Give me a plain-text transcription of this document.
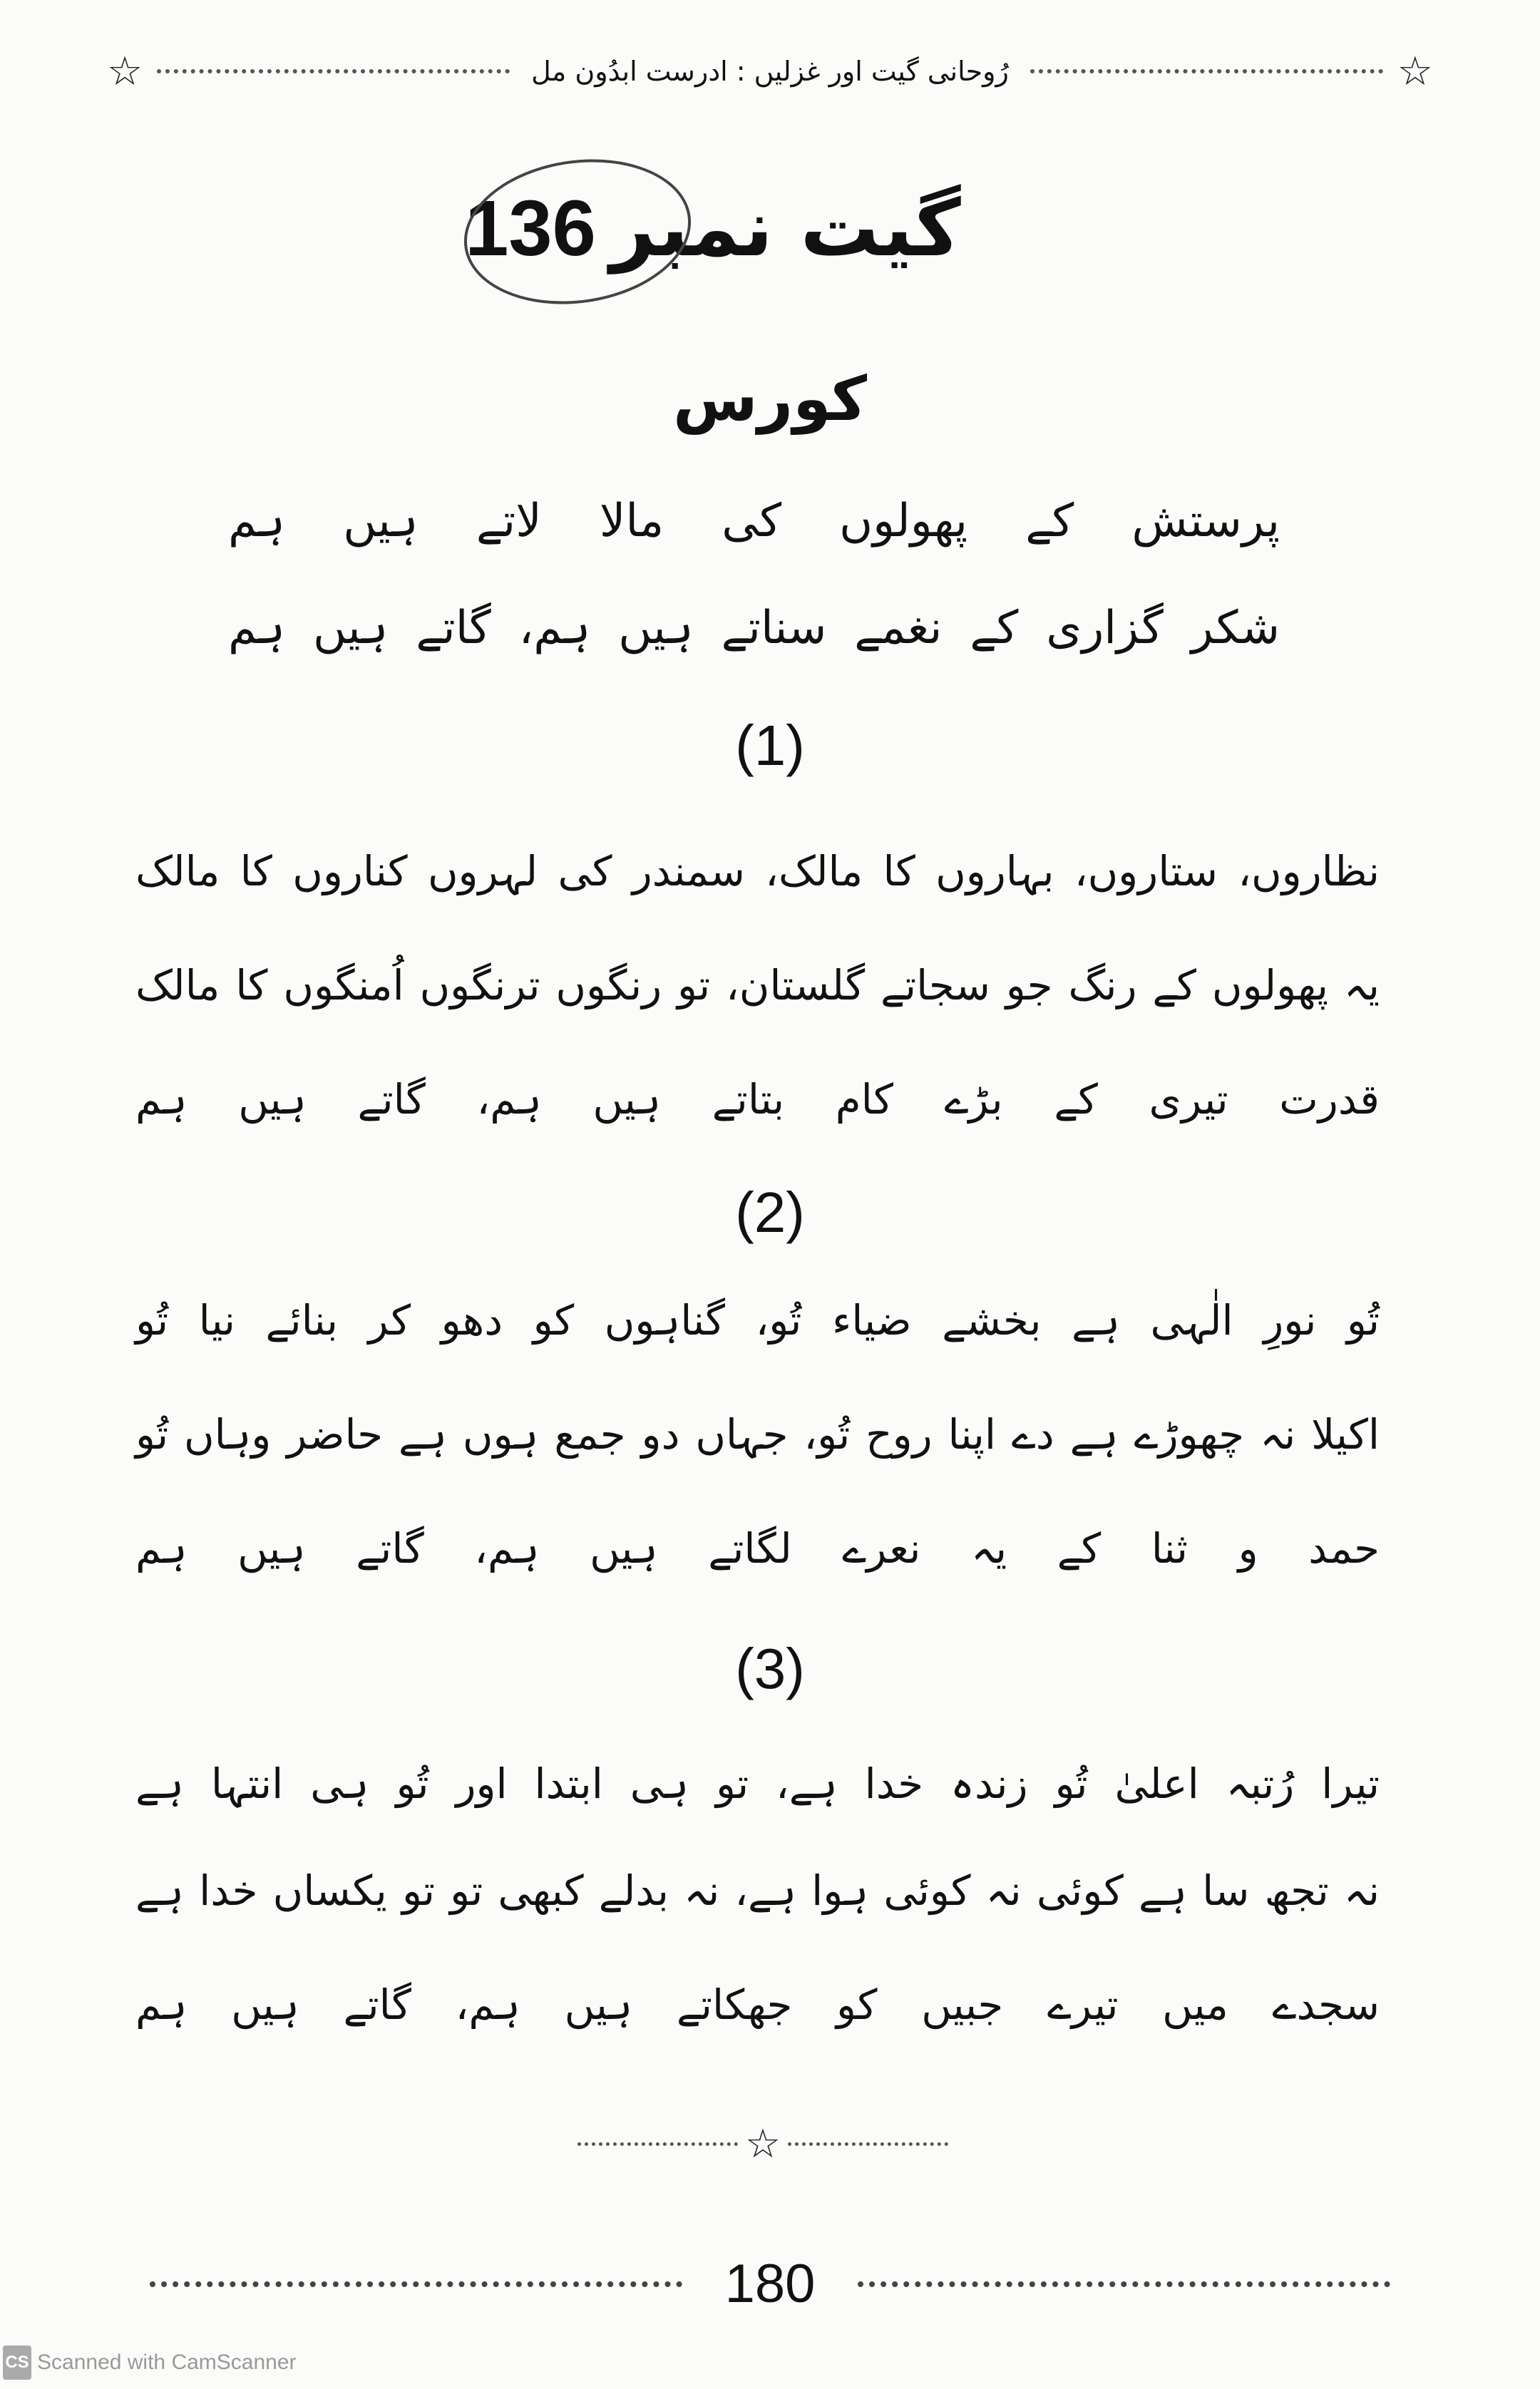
☆	رُوحانی گیت اور غزلیں : ادرست ابدُون مل	☆
گیت نمبر
136
کورس
پرستش کے پھولوں کی مالا لاتے ہیں ہم
شکر گزاری کے نغمے سناتے ہیں ہم، گاتے ہیں ہم
(1)
نظاروں، ستاروں، بہاروں کا مالک، سمندر کی لہروں کناروں کا مالک
یہ پھولوں کے رنگ جو سجاتے گلستان، تو رنگوں ترنگوں اُمنگوں کا مالک
قدرت تیری کے بڑے کام بتاتے ہیں ہم، گاتے ہیں ہم
(2)
تُو نورِ الٰہی ہے بخشے ضیاء تُو، گناہوں کو دھو کر بنائے نیا تُو
اکیلا نہ چھوڑے ہے دے اپنا روح تُو، جہاں دو جمع ہوں ہے حاضر وہاں تُو
حمد و ثنا کے یہ نعرے لگاتے ہیں ہم، گاتے ہیں ہم
(3)
تیرا رُتبہ اعلیٰ تُو زندہ خدا ہے، تو ہی ابتدا اور تُو ہی انتہا ہے
نہ تجھ سا ہے کوئی نہ کوئی ہوا ہے، نہ بدلے کبھی تو تو یکساں خدا ہے
سجدے میں تیرے جبیں کو جھکاتے ہیں ہم، گاتے ہیں ہم
☆
180
CS Scanned with CamScanner
